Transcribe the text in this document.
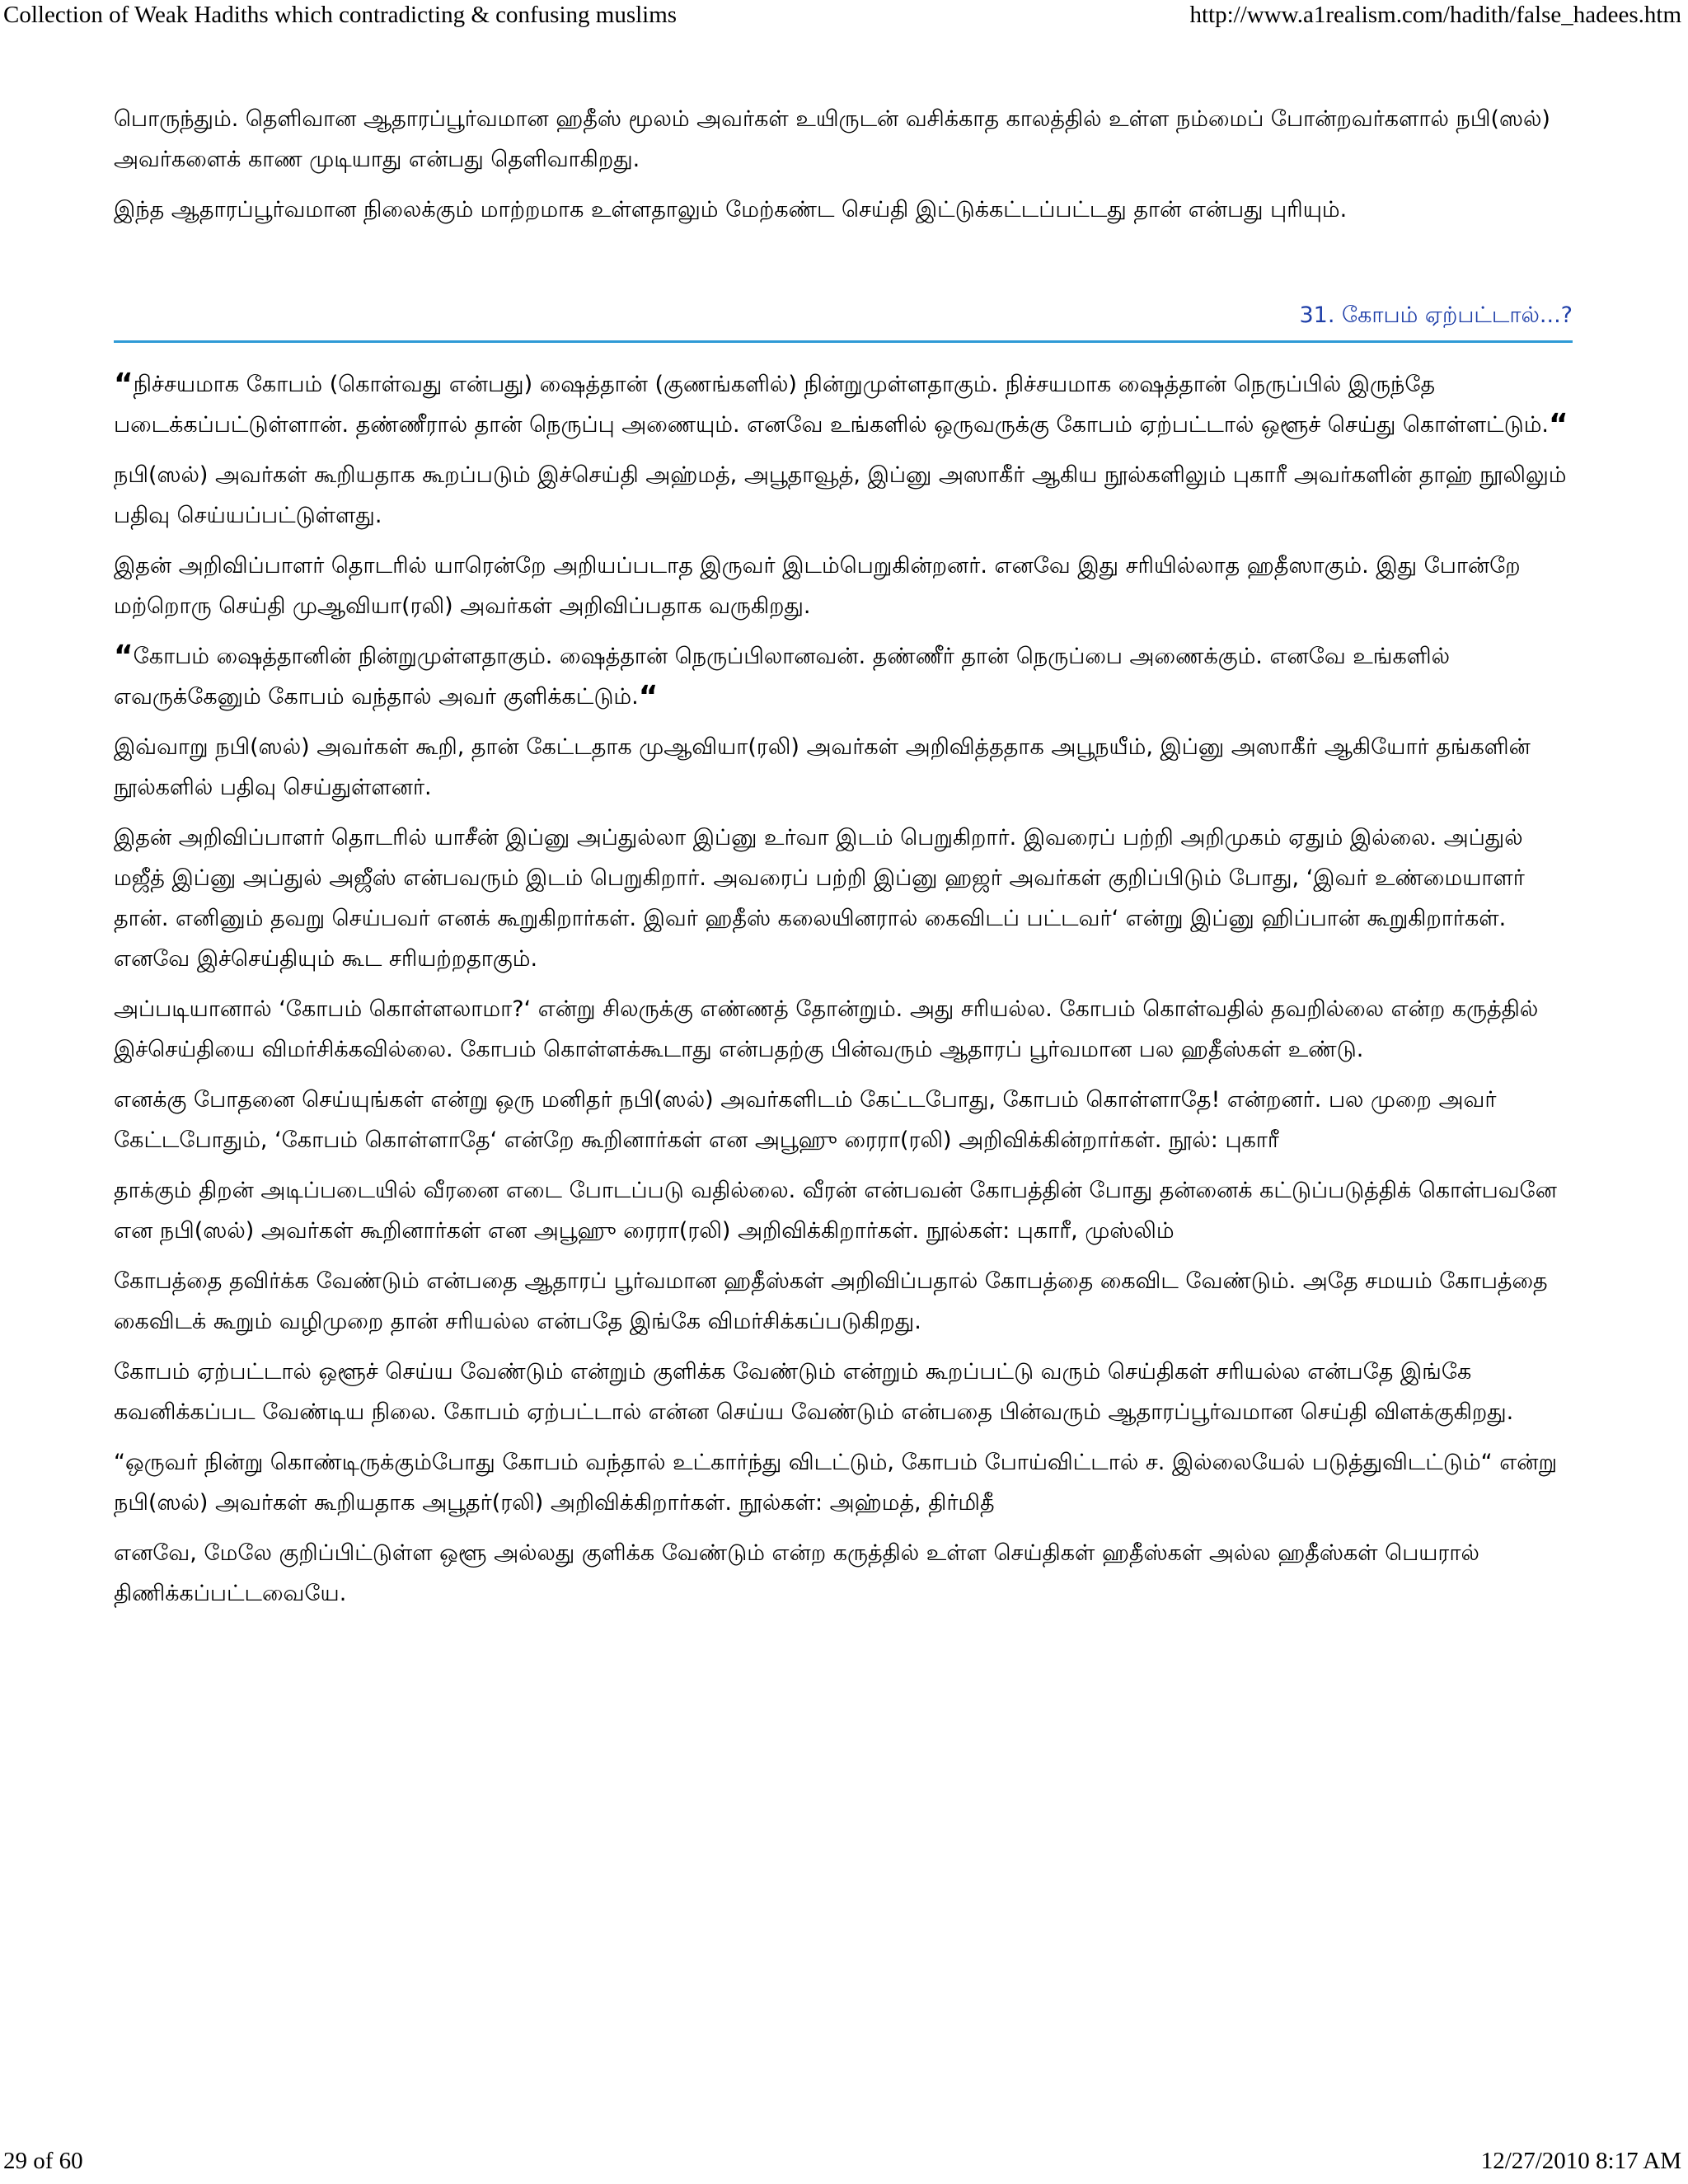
Collection of Weak Hadiths which contradicting & confusing muslims	http://www.a1realism.com/hadith/false_hadees.htm

பொருந்தும். தெளிவான ஆதாரப்பூர்வமான ஹதீஸ் மூலம் அவர்கள் உயிருடன் வசிக்காத காலத்தில் உள்ள நம்மைப் போன்றவர்களால் நபி(ஸல்) அவர்களைக் காண முடியாது என்பது தெளிவாகிறது.

இந்த ஆதாரப்பூர்வமான நிலைக்கும் மாற்றமாக உள்ளதாலும் மேற்கண்ட செய்தி இட்டுக்கட்டப்பட்டது தான் என்பது புரியும்.

31. கோபம் ஏற்பட்டால்...?

“ நிச்சயமாக கோபம் (கொள்வது என்பது) ஷைத்தான் (குணங்களில்) நின்றுமுள்ளதாகும். நிச்சயமாக ஷைத்தான் நெருப்பில் இருந்தே படைக்கப்பட்டுள்ளான். தண்ணீரால் தான் நெருப்பு அணையும். எனவே உங்களில் ஒருவருக்கு கோபம் ஏற்பட்டால் ஒளூச் செய்து கொள்ளட்டும். “

நபி(ஸல்) அவர்கள் கூறியதாக கூறப்படும் இச்செய்தி அஹ்மத், அபூதாவூத், இப்னு அஸாகீர் ஆகிய நூல்களிலும் புகாரீ அவர்களின் தாஹ் நூலிலும் பதிவு செய்யப்பட்டுள்ளது.

இதன் அறிவிப்பாளர் தொடரில் யாரென்றே அறியப்படாத இருவர் இடம்பெறுகின்றனர். எனவே இது சரியில்லாத ஹதீஸாகும். இது போன்றே மற்றொரு செய்தி முஆவியா(ரலி) அவர்கள் அறிவிப்பதாக வருகிறது.

“ கோபம் ஷைத்தானின் நின்றுமுள்ளதாகும். ஷைத்தான் நெருப்பிலானவன். தண்ணீர் தான் நெருப்பை அணைக்கும். எனவே உங்களில் எவருக்கேனும் கோபம் வந்தால் அவர் குளிக்கட்டும். “

இவ்வாறு நபி(ஸல்) அவர்கள் கூறி, தான் கேட்டதாக முஆவியா(ரலி) அவர்கள் அறிவித்ததாக அபூநயீம், இப்னு அஸாகீர் ஆகியோர் தங்களின் நூல்களில் பதிவு செய்துள்ளனர்.

இதன் அறிவிப்பாளர் தொடரில் யாசீன் இப்னு அப்துல்லா இப்னு உர்வா இடம் பெறுகிறார். இவரைப் பற்றி அறிமுகம் ஏதும் இல்லை. அப்துல் மஜீத் இப்னு அப்துல் அஜீஸ் என்பவரும் இடம் பெறுகிறார். அவரைப் பற்றி இப்னு ஹஜர் அவர்கள் குறிப்பிடும் போது, ‘இவர் உண்மையாளர் தான். எனினும் தவறு செய்பவர் எனக் கூறுகிறார்கள். இவர் ஹதீஸ் கலையினரால் கைவிடப் பட்டவர்‘ என்று இப்னு ஹிப்பான் கூறுகிறார்கள். எனவே இச்செய்தியும் கூட சரியற்றதாகும்.

அப்படியானால் ‘கோபம் கொள்ளலாமா?‘ என்று சிலருக்கு எண்ணத் தோன்றும். அது சரியல்ல. கோபம் கொள்வதில் தவறில்லை என்ற கருத்தில் இச்செய்தியை விமர்சிக்கவில்லை. கோபம் கொள்ளக்கூடாது என்பதற்கு பின்வரும் ஆதாரப் பூர்வமான பல ஹதீஸ்கள் உண்டு.

எனக்கு போதனை செய்யுங்கள் என்று ஒரு மனிதர் நபி(ஸல்) அவர்களிடம் கேட்டபோது, கோபம் கொள்ளாதே! என்றனர். பல முறை அவர் கேட்டபோதும், ‘கோபம் கொள்ளாதே‘ என்றே கூறினார்கள் என அபூஹு ரைரா(ரலி) அறிவிக்கின்றார்கள். நூல்: புகாரீ

தாக்கும் திறன் அடிப்படையில் வீரனை எடை போடப்படு வதில்லை. வீரன் என்பவன் கோபத்தின் போது தன்னைக் கட்டுப்படுத்திக் கொள்பவனே என நபி(ஸல்) அவர்கள் கூறினார்கள் என அபூஹு ரைரா(ரலி) அறிவிக்கிறார்கள். நூல்கள்: புகாரீ, முஸ்லிம்

கோபத்தை தவிர்க்க வேண்டும் என்பதை ஆதாரப் பூர்வமான ஹதீஸ்கள் அறிவிப்பதால் கோபத்தை கைவிட வேண்டும். அதே சமயம் கோபத்தை கைவிடக் கூறும் வழிமுறை தான் சரியல்ல என்பதே இங்கே விமர்சிக்கப்படுகிறது.

கோபம் ஏற்பட்டால் ஒளூச் செய்ய வேண்டும் என்றும் குளிக்க வேண்டும் என்றும் கூறப்பட்டு வரும் செய்திகள் சரியல்ல என்பதே இங்கே கவனிக்கப்பட வேண்டிய நிலை. கோபம் ஏற்பட்டால் என்ன செய்ய வேண்டும் என்பதை பின்வரும் ஆதாரப்பூர்வமான செய்தி விளக்குகிறது.

“ஒருவர் நின்று கொண்டிருக்கும்போது கோபம் வந்தால் உட்கார்ந்து விடட்டும், கோபம் போய்விட்டால் ச. இல்லையேல் படுத்துவிடட்டும்“ என்று நபி(ஸல்) அவர்கள் கூறியதாக அபூதர்(ரலி) அறிவிக்கிறார்கள். நூல்கள்: அஹ்மத், திர்மிதீ

எனவே, மேலே குறிப்பிட்டுள்ள ஒளூ அல்லது குளிக்க வேண்டும் என்ற கருத்தில் உள்ள செய்திகள் ஹதீஸ்கள் அல்ல ஹதீஸ்கள் பெயரால் திணிக்கப்பட்டவையே.

29 of 60	12/27/2010 8:17 AM
